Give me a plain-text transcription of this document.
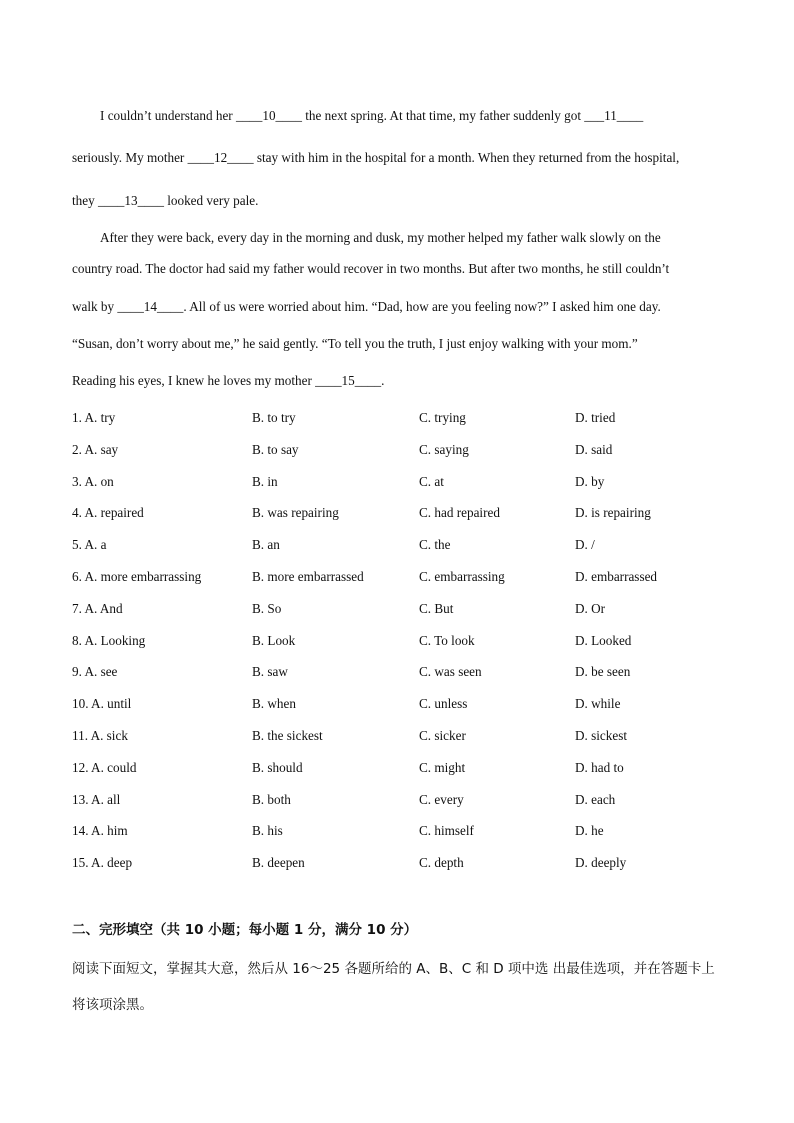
I couldn’t understand her ____10____ the next spring. At that time, my father suddenly got ___11____
seriously. My mother ____12____ stay with him in the hospital for a month. When they returned from the hospital,
they ____13____ looked very pale.
After they were back, every day in the morning and dusk, my mother helped my father walk slowly on the
country road. The doctor had said my father would recover in two months. But after two months, he still couldn’t
walk by ____14____. All of us were worried about him. “Dad, how are you feeling now?” I asked him one day.
“Susan, don’t worry about me,” he said gently. “To tell you the truth, I just enjoy walking with your mom.”
Reading his eyes, I knew he loves my mother ____15____.
1. A. try	B. to try	C. trying	D. tried
2. A. say	B. to say	C. saying	D. said
3. A. on	B. in	C. at	D. by
4. A. repaired	B. was repairing	C. had repaired	D. is repairing
5. A. a	B. an	C. the	D. /
6. A. more embarrassing	B. more embarrassed	C. embarrassing	D. embarrassed
7. A. And	B. So	C. But	D. Or
8. A. Looking	B. Look	C. To look	D. Looked
9. A. see	B. saw	C. was seen	D. be seen
10. A. until	B. when	C. unless	D. while
11. A. sick	B. the sickest	C. sicker	D. sickest
12. A. could	B. should	C. might	D. had to
13. A. all	B. both	C. every	D. each
14. A. him	B. his	C. himself	D. he
15. A. deep	B. deepen	C. depth	D. deeply
二、完形填空（共 10 小题；每小题 1 分，满分 10 分）
阅读下面短文，掌握其大意，然后从 16～25 各题所给的 A、B、C 和 D 项中选 出最佳选项，并在答题卡上
将该项涂黑。
